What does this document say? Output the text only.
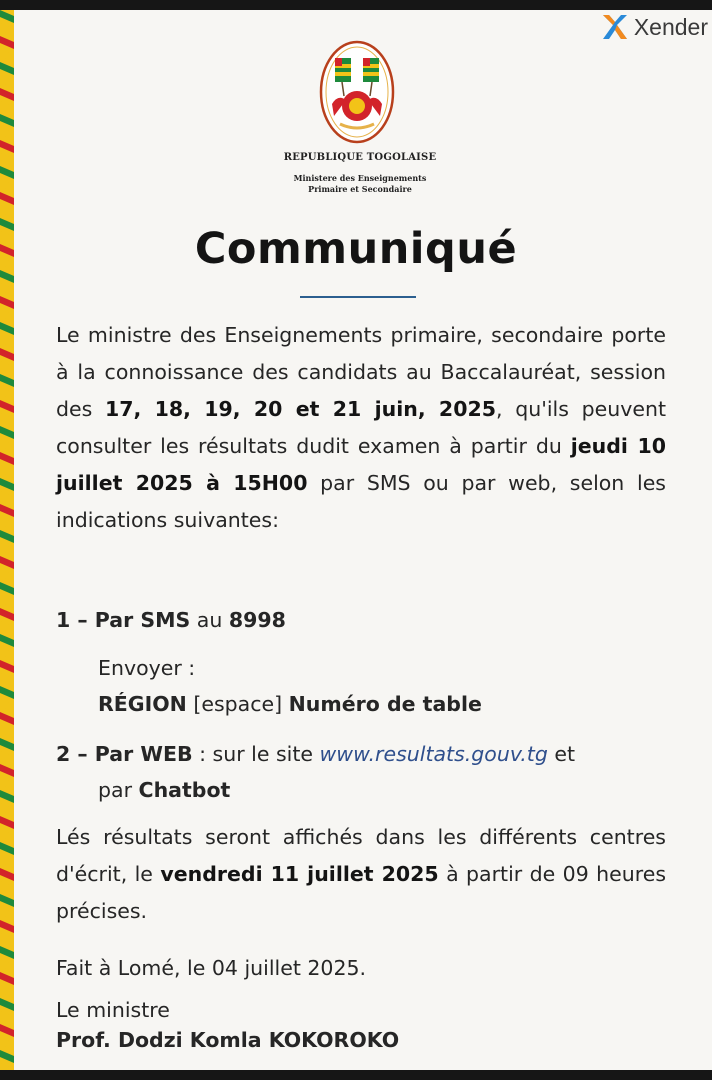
Xender
REPUBLIQUE TOGOLAISE
Ministere des Enseignements
Primaire et Secondaire
Communiqué
Le ministre des Enseignements primaire, secondaire porte à la connoissance des candidats au Baccalauréat, session des 17, 18, 19, 20 et 21 juin, 2025, qu'ils peuvent consulter les résultats dudit examen à partir du jeudi 10 juillet 2025 à 15H00 par SMS ou par web, selon les indications suivantes:
1 – Par SMS au 8998
Envoyer :
RÉGION [espace] Numéro de table
2 – Par WEB : sur le site www.resultats.gouv.tg et
par Chatbot
Lés résultats seront affichés dans les différents centres d'écrit, le vendredi 11 juillet 2025 à partir de 09 heures précises.
Fait à Lomé, le 04 juillet 2025.
Le ministre
Prof. Dodzi Komla KOKOROKO
